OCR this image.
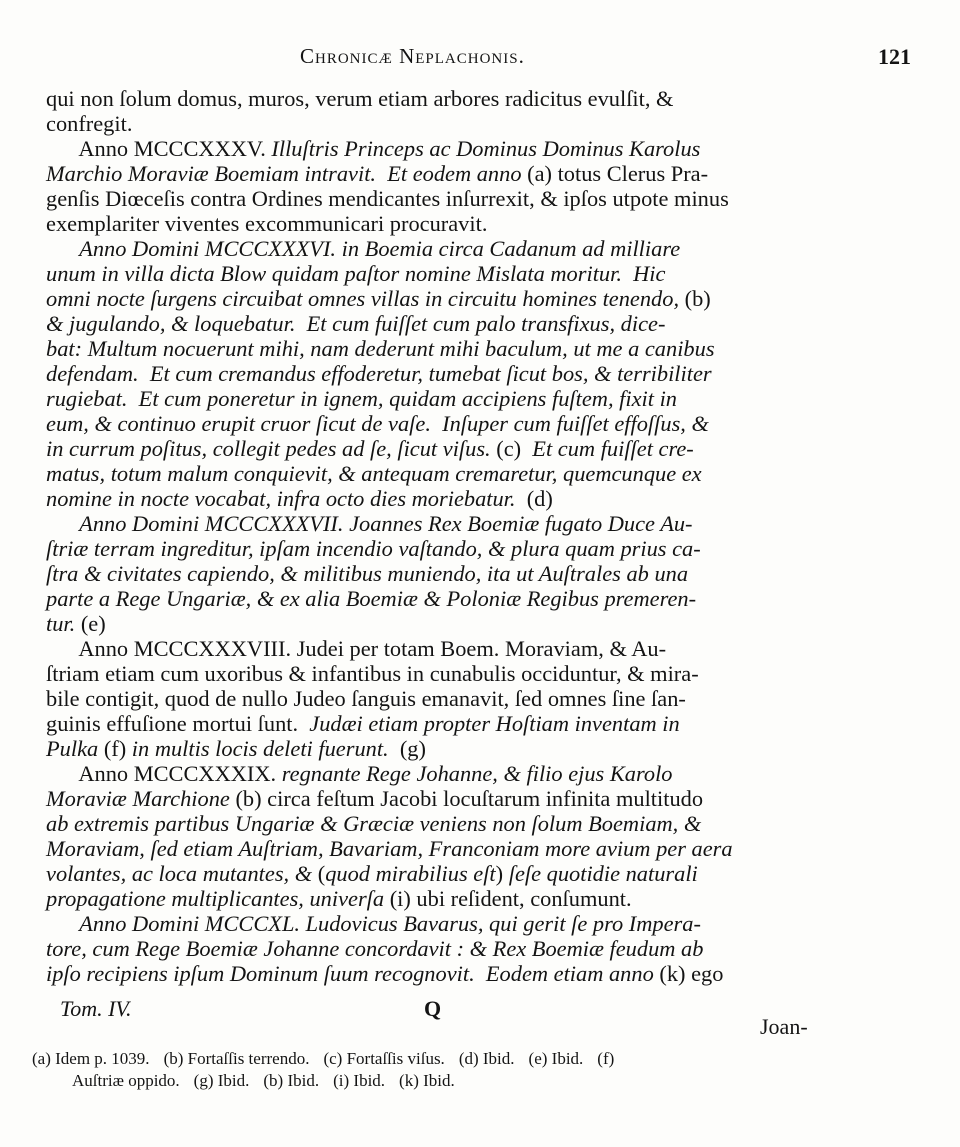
Chronicæ Neplachonis.	121
qui non ſolum domus, muros, verum etiam arbores radicitus evulſit, &
confregit.
Anno MCCCXXXV. Illuſtris Princeps ac Dominus Dominus Karolus
Marchio Moraviæ Boemiam intravit.  Et eodem anno (a) totus Clerus Pra-
genſis Diœceſis contra Ordines mendicantes inſurrexit, & ipſos utpote minus
exemplariter viventes excommunicari procuravit.
Anno Domini MCCCXXXVI. in Boemia circa Cadanum ad milliare
unum in villa dicta Blow quidam paſtor nomine Mislata moritur.  Hic
omni nocte ſurgens circuibat omnes villas in circuitu homines tenendo, (b)
& jugulando, & loquebatur.  Et cum fuiſſet cum palo transfixus, dice-
bat: Multum nocuerunt mihi, nam dederunt mihi baculum, ut me a canibus
defendam.  Et cum cremandus effoderetur, tumebat ſicut bos, & terribiliter
rugiebat.  Et cum poneretur in ignem, quidam accipiens fuſtem, fixit in
eum, & continuo erupit cruor ſicut de vaſe.  Inſuper cum fuiſſet effoſſus, &
in currum poſitus, collegit pedes ad ſe, ſicut viſus. (c)  Et cum fuiſſet cre-
matus, totum malum conquievit, & antequam cremaretur, quemcunque ex
nomine in nocte vocabat, infra octo dies moriebatur.  (d)
Anno Domini MCCCXXXVII. Joannes Rex Boemiæ fugato Duce Au-
ſtriæ terram ingreditur, ipſam incendio vaſtando, & plura quam prius ca-
ſtra & civitates capiendo, & militibus muniendo, ita ut Auſtrales ab una
parte a Rege Ungariæ, & ex alia Boemiæ & Poloniæ Regibus premeren-
tur. (e)
Anno MCCCXXXVIII. Judei per totam Boem. Moraviam, & Au-
ſtriam etiam cum uxoribus & infantibus in cunabulis occiduntur, & mira-
bile contigit, quod de nullo Judeo ſanguis emanavit, ſed omnes ſine ſan-
guinis effuſione mortui ſunt.  Judæi etiam propter Hoſtiam inventam in
Pulka (f) in multis locis deleti fuerunt.  (g)
Anno MCCCXXXIX. regnante Rege Johanne, & filio ejus Karolo
Moraviæ Marchione (b) circa feſtum Jacobi locuſtarum infinita multitudo
ab extremis partibus Ungariæ & Græciæ veniens non ſolum Boemiam, &
Moraviam, ſed etiam Auſtriam, Bavariam, Franconiam more avium per aera
volantes, ac loca mutantes, & (quod mirabilius eſt) ſeſe quotidie naturali
propagatione multiplicantes, univerſa (i) ubi reſident, conſumunt.
Anno Domini MCCCXL. Ludovicus Bavarus, qui gerit ſe pro Impera-
tore, cum Rege Boemiæ Johanne concordavit : & Rex Boemiæ feudum ab
ipſo recipiens ipſum Dominum ſuum recognovit.  Eodem etiam anno (k) ego
Tom. IV.	Q
Joan-
(a) Idem p. 1039. (b) Fortaſſis terrendo. (c) Fortaſſis viſus. (d) Ibid. (e) Ibid. (f)
Auſtriæ oppido. (g) Ibid. (b) Ibid. (i) Ibid. (k) Ibid.
